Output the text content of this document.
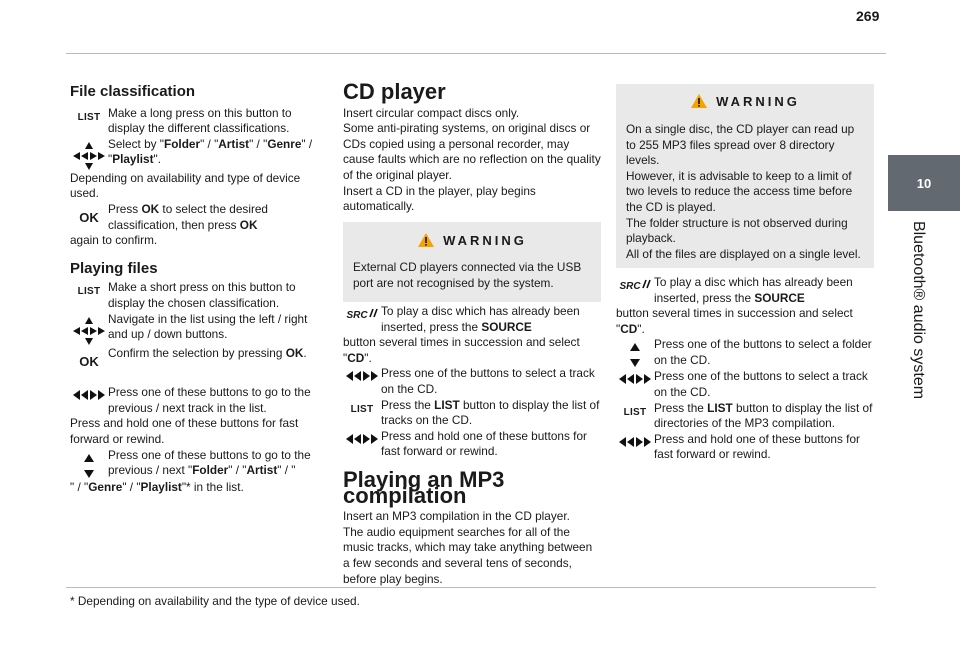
269
10
Bluetooth® audio system
File classification
LIST Make a long press on this button to display the different classifications.
Select by "Folder" / "Artist" / "Genre" / "Playlist".

Depending on availability and type of device used.

OK
Press OK to select the desired classification, then press OK

again to confirm.

Playing files
LIST Make a short press on this button to display the chosen classification.
Navigate in the list using the left / right and up / down buttons.
OK
Confirm the selection by pressing OK.
Press one of these buttons to go to the previous / next track in the list.

Press and hold one of these buttons for fast forward or rewind.

Press one of these buttons to go to the previous / next "Folder" / "Artist" / "

" / "Genre" / "Playlist"* in the list.

CD player

Insert circular compact discs only.

Some anti-pirating systems, on original discs or CDs copied using a personal recorder, may cause faults which are no reflection on the quality of the original player.

Insert a CD in the player, play begins automatically.

WARNING
External CD players connected via the USB port are not recognised by the system.
SRC To play a disc which has already been inserted, press the SOURCE

button several times in succession and select "CD".

Press one of the buttons to select a track on the CD.
LIST Press the LIST button to display the list of tracks on the CD.
Press and hold one of these buttons for fast forward or rewind.
Playing an MP3 compilation

Insert an MP3 compilation in the CD player.

The audio equipment searches for all of the music tracks, which may take anything between a few seconds and several tens of seconds, before play begins.

WARNING

On a single disc, the CD player can read up to 255 MP3 files spread over 8 directory levels.

However, it is advisable to keep to a limit of two levels to reduce the access time before the CD is played.

The folder structure is not observed during playback.

All of the files are displayed on a single level.

SRC To play a disc which has already been inserted, press the SOURCE

button several times in succession and select "CD".

Press one of the buttons to select a folder on the CD.
Press one of the buttons to select a track on the CD.
LIST Press the LIST button to display the list of directories of the MP3 compilation.
Press and hold one of these buttons for fast forward or rewind.
* Depending on availability and the type of device used.
